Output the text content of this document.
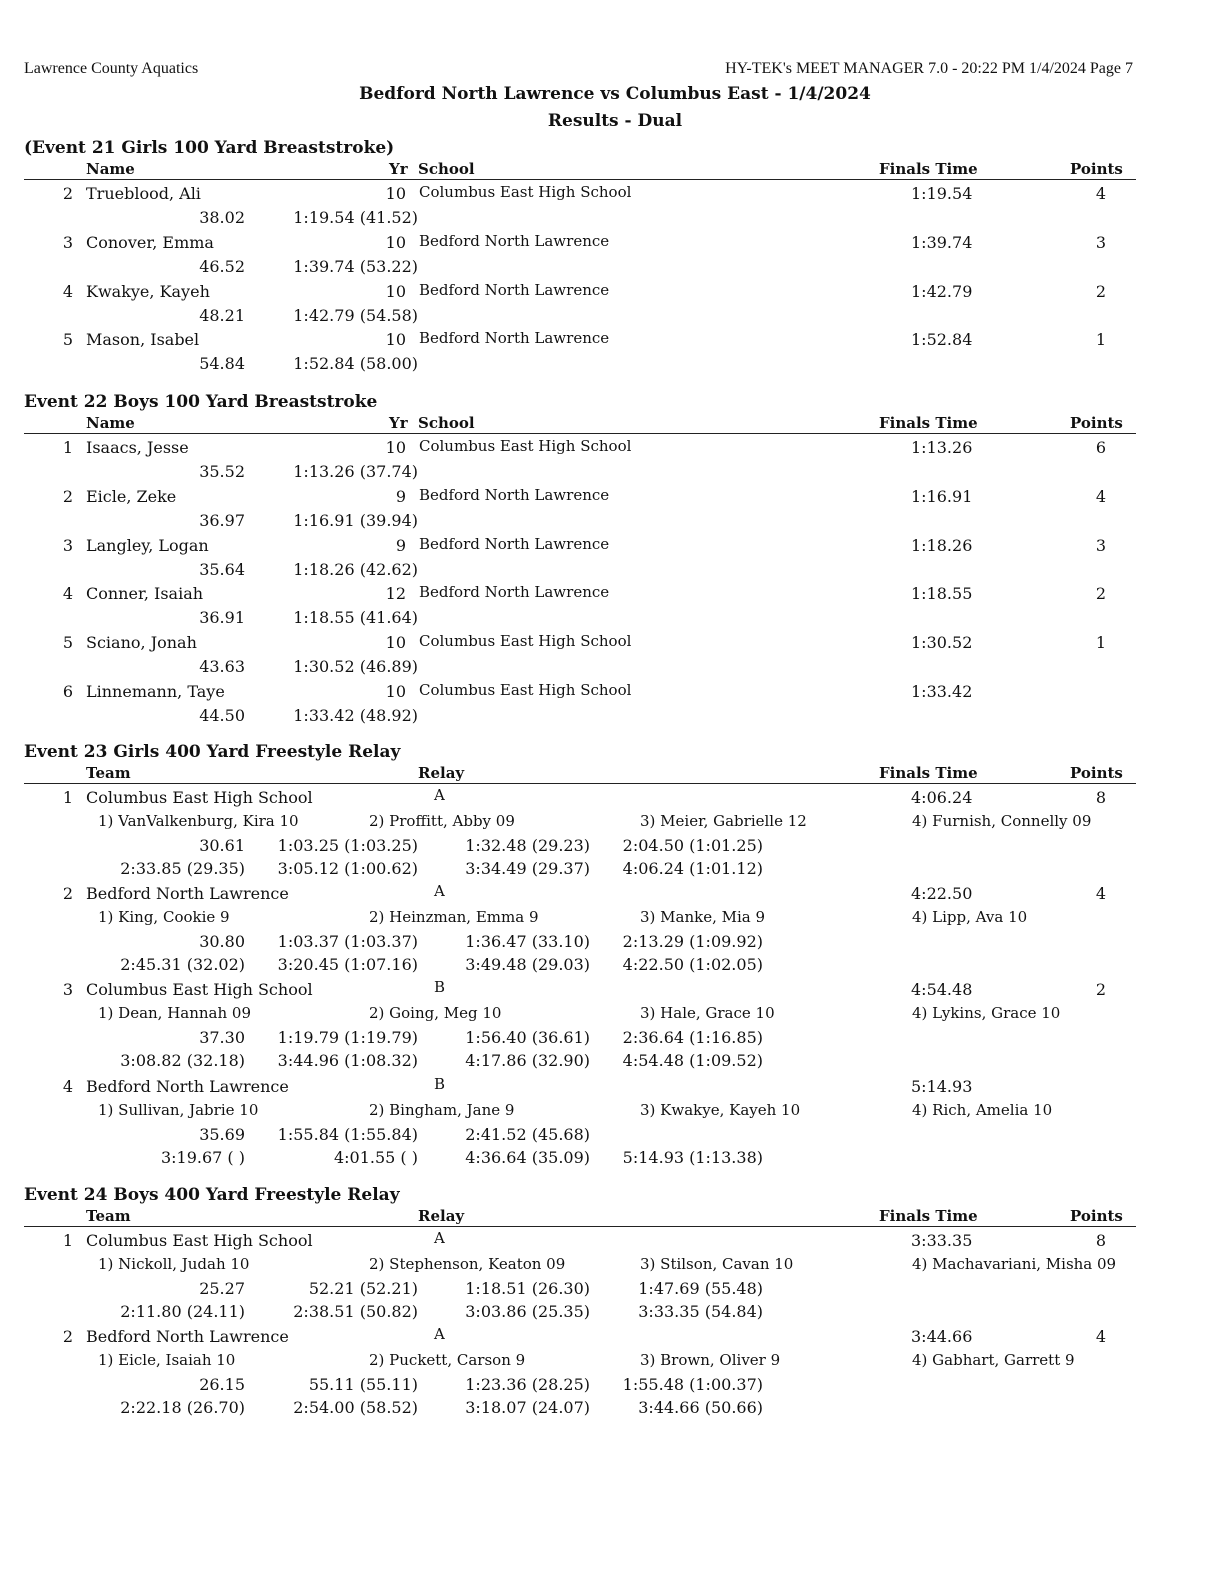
Lawrence County Aquatics	HY-TEK's MEET MANAGER 7.0 - 20:22 PM 1/4/2024 Page 7
Bedford North Lawrence vs Columbus East - 1/4/2024
Results - Dual
(Event 21 Girls 100 Yard Breaststroke)
Name	Yr School	Finals Time	Points
2 Trueblood, Ali	10 Columbus East High School	1:19.54	4
38.02	1:19.54 (41.52)
3 Conover, Emma	10 Bedford North Lawrence	1:39.74	3
46.52	1:39.74 (53.22)
4 Kwakye, Kayeh	10 Bedford North Lawrence	1:42.79	2
48.21	1:42.79 (54.58)
5 Mason, Isabel	10 Bedford North Lawrence	1:52.84	1
54.84	1:52.84 (58.00)
Event 22 Boys 100 Yard Breaststroke
Name	Yr School	Finals Time	Points
1 Isaacs, Jesse	10 Columbus East High School	1:13.26	6
35.52	1:13.26 (37.74)
2 Eicle, Zeke	9 Bedford North Lawrence	1:16.91	4
36.97	1:16.91 (39.94)
3 Langley, Logan	9 Bedford North Lawrence	1:18.26	3
35.64	1:18.26 (42.62)
4 Conner, Isaiah	12 Bedford North Lawrence	1:18.55	2
36.91	1:18.55 (41.64)
5 Sciano, Jonah	10 Columbus East High School	1:30.52	1
43.63	1:30.52 (46.89)
6 Linnemann, Taye	10 Columbus East High School	1:33.42
44.50	1:33.42 (48.92)
Event 23 Girls 400 Yard Freestyle Relay
Team	Relay	Finals Time	Points
1 Columbus East High School	A	4:06.24	8
1) VanValkenburg, Kira 10	2) Proffitt, Abby 09	3) Meier, Gabrielle 12	4) Furnish, Connelly 09
30.61 1:03.25 (1:03.25)	1:32.48 (29.23) 2:04.50 (1:01.25)
2:33.85 (29.35) 3:05.12 (1:00.62)	3:34.49 (29.37) 4:06.24 (1:01.12)
2 Bedford North Lawrence	A	4:22.50	4
1) King, Cookie 9	2) Heinzman, Emma 9	3) Manke, Mia 9	4) Lipp, Ava 10
30.80 1:03.37 (1:03.37)	1:36.47 (33.10) 2:13.29 (1:09.92)
2:45.31 (32.02) 3:20.45 (1:07.16)	3:49.48 (29.03) 4:22.50 (1:02.05)
3 Columbus East High School	B	4:54.48	2
1) Dean, Hannah 09	2) Going, Meg 10	3) Hale, Grace 10	4) Lykins, Grace 10
37.30 1:19.79 (1:19.79)	1:56.40 (36.61) 2:36.64 (1:16.85)
3:08.82 (32.18) 3:44.96 (1:08.32)	4:17.86 (32.90) 4:54.48 (1:09.52)
4 Bedford North Lawrence	B	5:14.93
1) Sullivan, Jabrie 10	2) Bingham, Jane 9	3) Kwakye, Kayeh 10	4) Rich, Amelia 10
35.69 1:55.84 (1:55.84)	2:41.52 (45.68)
3:19.67 ( )	4:01.55 ( )	4:36.64 (35.09) 5:14.93 (1:13.38)
Event 24 Boys 400 Yard Freestyle Relay
Team	Relay	Finals Time	Points
1 Columbus East High School	A	3:33.35	8
1) Nickoll, Judah 10	2) Stephenson, Keaton 09	3) Stilson, Cavan 10	4) Machavariani, Misha 09
25.27	52.21 (52.21)	1:18.51 (26.30)	1:47.69 (55.48)
2:11.80 (24.11)	2:38.51 (50.82)	3:03.86 (25.35)	3:33.35 (54.84)
2 Bedford North Lawrence	A	3:44.66	4
1) Eicle, Isaiah 10	2) Puckett, Carson 9	3) Brown, Oliver 9	4) Gabhart, Garrett 9
26.15	55.11 (55.11)	1:23.36 (28.25) 1:55.48 (1:00.37)
2:22.18 (26.70)	2:54.00 (58.52)	3:18.07 (24.07)	3:44.66 (50.66)
